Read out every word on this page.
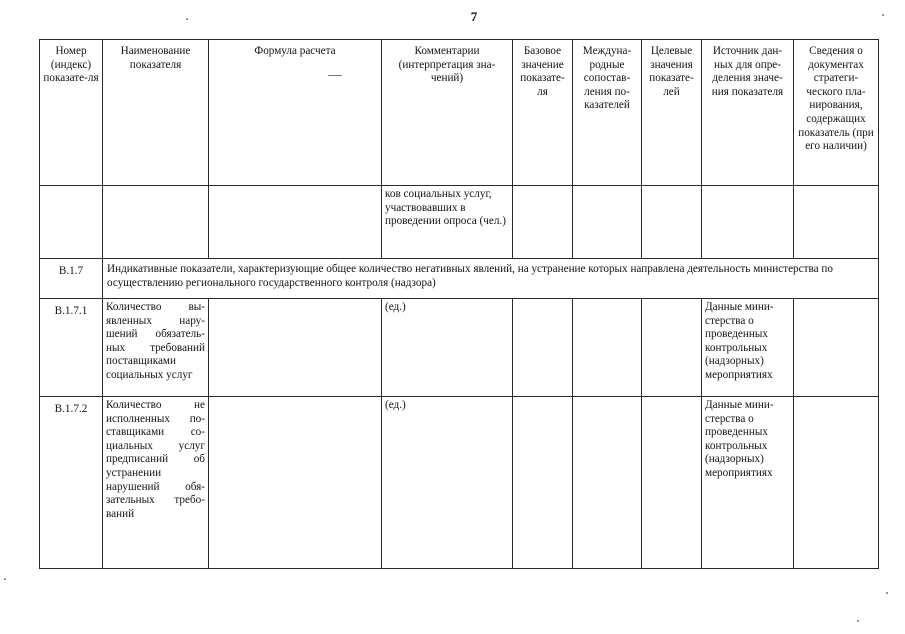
7
Номер (индекс) показате-ля	Наименование показателя	Формула расчета	Комментарии (интерпретация зна-чений)	Базовое значение показате-ля	Междуна-родные сопостав-ления по-казателей	Целевые значения показате-лей	Источник дан-ных для опре-деления значе-ния показателя	Сведения о документах стратеги-ческого пла-нирования, содержащих показатель (при его наличии)
			ков социальных услуг, участвовавших в проведении опроса (чел.)					
В.1.7	Индикативные показатели, характеризующие общее количество негативных явлений, на устранение которых направлена деятельность министерства по осуществлению регионального государственного контроля (надзора)							
В.1.7.1	Количество вы-явленных нару-шений обязатель-ных требований поставщиками социальных услуг		(ед.)				Данные мини-стерства о проведенных контрольных (надзорных) мероприятиях	
В.1.7.2	Количество не исполненных по-ставщиками со-циальных услуг предписаний об устранении нарушений обя-зательных требо-ваний		(ед.)				Данные мини-стерства о проведенных контрольных (надзорных) мероприятиях	
